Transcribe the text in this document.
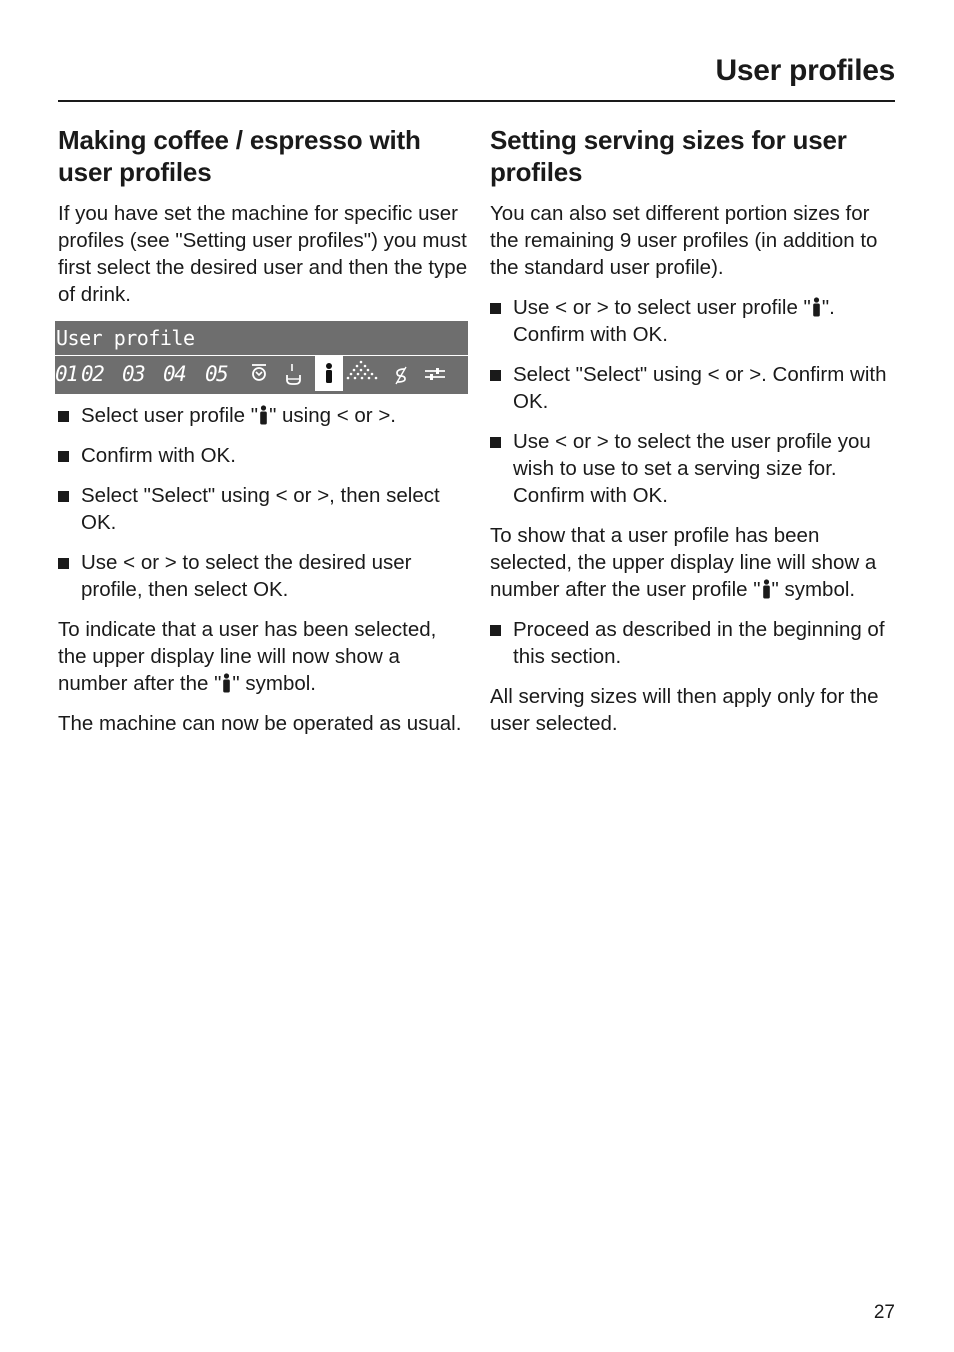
User profiles
Making coffee / espresso with user profiles

If you have set the machine for specific user profiles (see "Setting user profiles") you must first select the desired user and then the type of drink.

User profile
01 02 03 04 05
Select user profile " " using < or >.
Confirm with OK.
Select "Select" using < or >, then select OK.
Use < or > to select the desired user profile, then select OK.

To indicate that a user has been selected, the upper display line will now show a number after the " " symbol.

The machine can now be operated as usual.

Setting serving sizes for user profiles

You can also set different portion sizes for the remaining 9 user profiles (in addition to the standard user profile).

Use < or > to select user profile " ". Confirm with OK.
Select "Select" using < or >. Confirm with OK.
Use < or > to select the user profile you wish to use to set a serving size for. Confirm with OK.

To show that a user profile has been selected, the upper display line will show a number after the user profile " " symbol.

Proceed as described in the beginning of this section.

All serving sizes will then apply only for the user selected.

27
